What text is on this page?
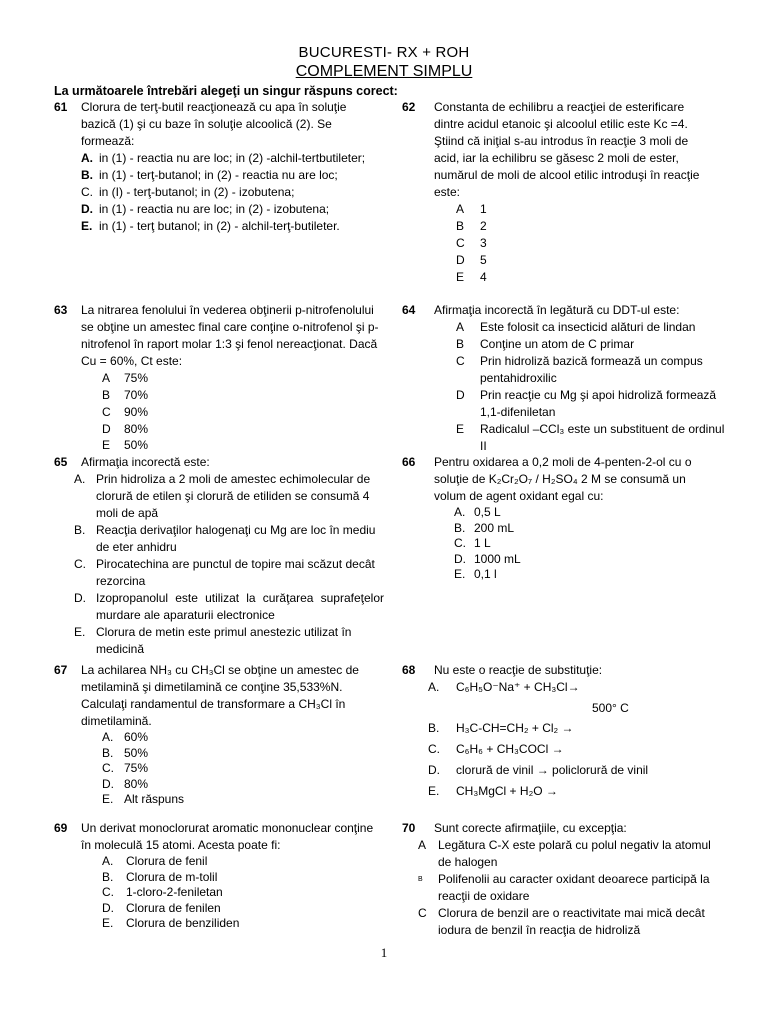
BUCURESTI- RX + ROH
COMPLEMENT SIMPLU
La următoarele întrebări alegeţi un singur răspuns corect:
61 Clorura de terţ-butil reacţionează cu apa în soluţie bazică (1) şi cu baze în soluţie alcoolică (2). Se formează:
A. in (1) - reactia nu are loc; in (2) -alchil-tertbutileter;
B. in (1) - terţ-butanol; in (2) - reactia nu are loc;
C. in (I) - terţ-butanol; in (2) - izobutena;
D. in (1) - reactia nu are loc; in (2) - izobutena;
E. in (1) - terţ butanol; in (2) - alchil-terţ-butileter.
62 Constanta de echilibru a reacţiei de esterificare dintre acidul etanoic şi alcoolul etilic este Kc =4. Ştiind că iniţial s-au introdus în reacţie 3 moli de acid, iar la echilibru se găsesc 2 moli de ester, numărul de moli de alcool etilic introduşi în reacţie este:
A	1
B	2
C	3
D	5
E	4
63 La nitrarea fenolului în vederea obţinerii p-nitrofenolului se obţine un amestec final care conţine o-nitrofenol şi p-nitrofenol în raport molar 1:3 şi fenol nereacţionat. Dacă Cu = 60%, Ct este:
A	75%
B	70%
C	90%
D	80%
E	50%
64 Afirmaţia incorectă în legătură cu DDT-ul este:
A	Este folosit ca insecticid alături de lindan
B	Conţine un atom de C primar
C	Prin hidroliză bazică formează un compus pentahidroxilic
D	Prin reacţie cu Mg şi apoi hidroliză formează 1,1-difeniletan
E	Radicalul –CCl₃ este un substituent de ordinul II
65 Afirmaţia incorectă este:
A. Prin hidroliza a 2 moli de amestec echimolecular de clorură de etilen şi clorură de etiliden se consumă 4 moli de apă
B. Reacţia derivaţilor halogenaţi cu Mg are loc în mediu de eter anhidru
C. Pirocatechina are punctul de topire mai scăzut decât rezorcina
D. Izopropanolul este utilizat la curăţarea suprafeţelor murdare ale aparaturii electronice
E. Clorura de metin este primul anestezic utilizat în medicină
66 Pentru oxidarea a 0,2 moli de 4-penten-2-ol cu o soluţie de K₂Cr₂O₇ / H₂SO₄ 2 M se consumă un volum de agent oxidant egal cu:
A. 0,5 L
B. 200 mL
C. 1 L
D. 1000 mL
E. 0,1 l
67 La achilarea NH₃ cu CH₃Cl se obţine un amestec de metilamină şi dimetilamină ce conţine 35,533%N. Calculaţi randamentul de transformare a CH₃Cl în dimetilamină.
A. 60%
B. 50%
C. 75%
D. 80%
E. Alt răspuns
68 Nu este o reacţie de substituţie:
A.	C₆H₅O⁻Na⁺ + CH₃Cl→
500° C
B.	H₃C-CH=CH₂ + Cl₂ →
C.	C₆H₆ + CH₃COCl →
D.	clorură de vinil → policlorură de vinil
E.	CH₃MgCl + H₂O →
69 Un derivat monoclorurat aromatic mononuclear conţine în moleculă 15 atomi. Acesta poate fi:
A.	Clorura de fenil
B.	Clorura de m-tolil
C.	1-cloro-2-feniletan
D.	Clorura de fenilen
E.	Clorura de benziliden
70 Sunt corecte afirmaţiile, cu excepţia:
A Legătura C-X este polară cu polul negativ la atomul de halogen
B	Polifenolii au caracter oxidant deoarece participă la reacţii de oxidare
C Clorura de benzil are o reactivitate mai mică decât iodura de benzil în reacţia de hidroliză
1
